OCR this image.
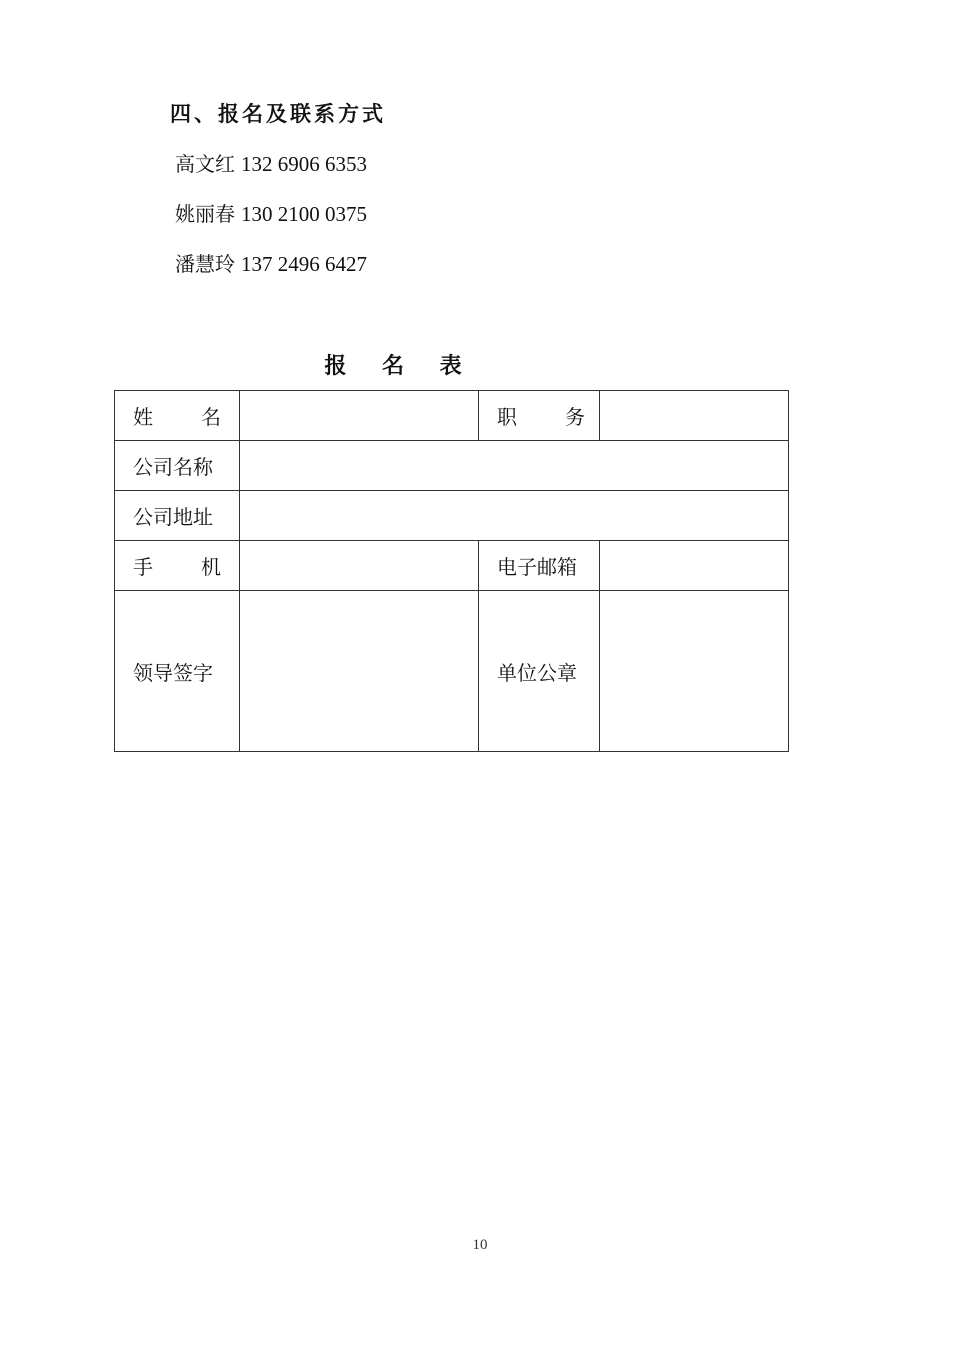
四、报名及联系方式
高文红 132 6906 6353
姚丽春 130 2100 0375
潘慧玲 137 2496 6427
报 名 表
姓 名		职 务	

公司名称			
公司地址			

手 机		电子邮箱	
领导签字		单位公章	
10
